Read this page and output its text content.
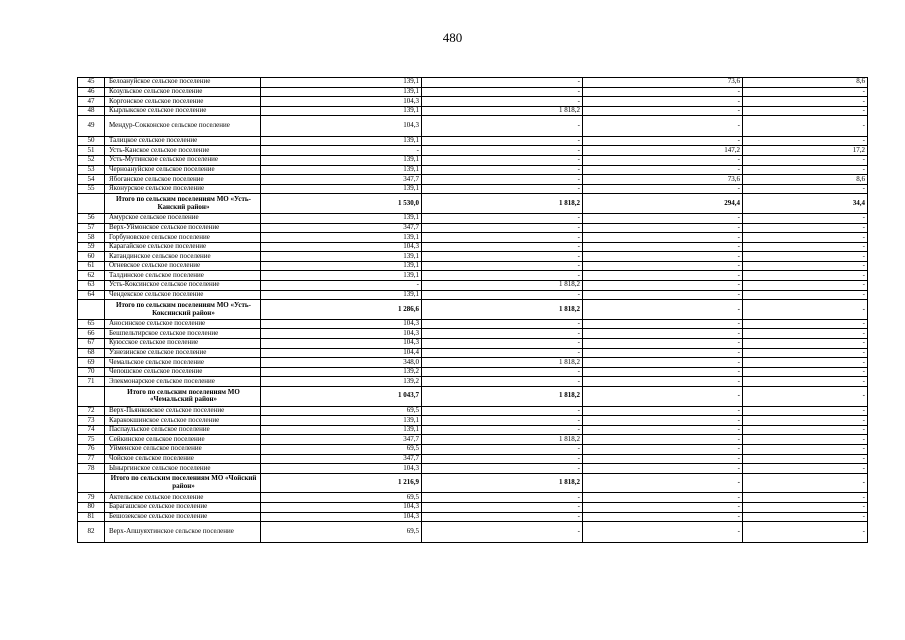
480
45	Белоануйское сельское поселение	139,1	-	73,6	8,6
46	Козульское сельское поселение	139,1	-	-	-
47	Коргонское сельское поселение	104,3	-	-	-
48	Кырлыкское сельское поселение	139,1	1 818,2	-	-
49	Мендур-Сокконское сельское поселение	104,3	-	-	-
50	Талицкое сельское поселение	139,1	-	-	-
51	Усть-Канское сельское поселение	-	-	147,2	17,2
52	Усть-Мутинское сельское поселение	139,1	-	-	-
53	Черноануйское сельское поселение	139,1	-	-	-
54	Ябоганское сельское поселение	347,7	-	73,6	8,6
55	Яконурское сельское поселение	139,1	-	-	-
	Итого по сельским поселениям МО «Усть-Канский район»	1 530,0	1 818,2	294,4	34,4
56	Амурское сельское поселение	139,1	-	-	-
57	Верх-Уймонское сельское поселение	347,7	-	-	-
58	Горбуновское сельское поселение	139,1	-	-	-
59	Карагайское сельское поселение	104,3	-	-	-
60	Катандинское сельское поселение	139,1	-	-	-
61	Огневское сельское поселение	139,1	-	-	-
62	Талдинское сельское поселение	139,1	-	-	-
63	Усть-Коксинское сельское поселение	-	1 818,2	-	-
64	Чендекское сельское поселение	139,1	-	-	-
	Итого по сельским поселениям МО «Усть-Коксинский район»	1 286,6	1 818,2	-	-
65	Аносинское сельское поселение	104,3	-	-	-
66	Бешпельтирское сельское поселение	104,3	-	-	-
67	Куюсское сельское поселение	104,3	-	-	-
68	Узнезинское сельское поселение	104,4	-	-	-
69	Чемальское сельское поселение	348,0	1 818,2	-	-
70	Чепошское сельское поселение	139,2	-	-	-
71	Элекмонарское сельское поселение	139,2	-	-	-
	Итого по сельским поселениям МО «Чемальский район»	1 043,7	1 818,2	-	-
72	Верх-Пьянковское сельское поселение	69,5	-	-	-
73	Каракокшинское сельское поселение	139,1	-	-	-
74	Паспаульское сельское поселение	139,1	-	-	-
75	Сейкинское сельское поселение	347,7	1 818,2	-	-
76	Уйменское сельское поселение	69,5	-	-	-
77	Чойское сельское поселение	347,7	-	-	-
78	Ыныргинское сельское поселение	104,3	-	-	-
	Итого по сельским поселениям МО «Чойский район»	1 216,9	1 818,2	-	-
79	Актельское сельское поселение	69,5	-	-	-
80	Барагашское сельское поселение	104,3	-	-	-
81	Бешозекское сельское поселение	104,3	-	-	-
82	Верх-Апшуяхтинское сельское поселение	69,5	-	-	-
